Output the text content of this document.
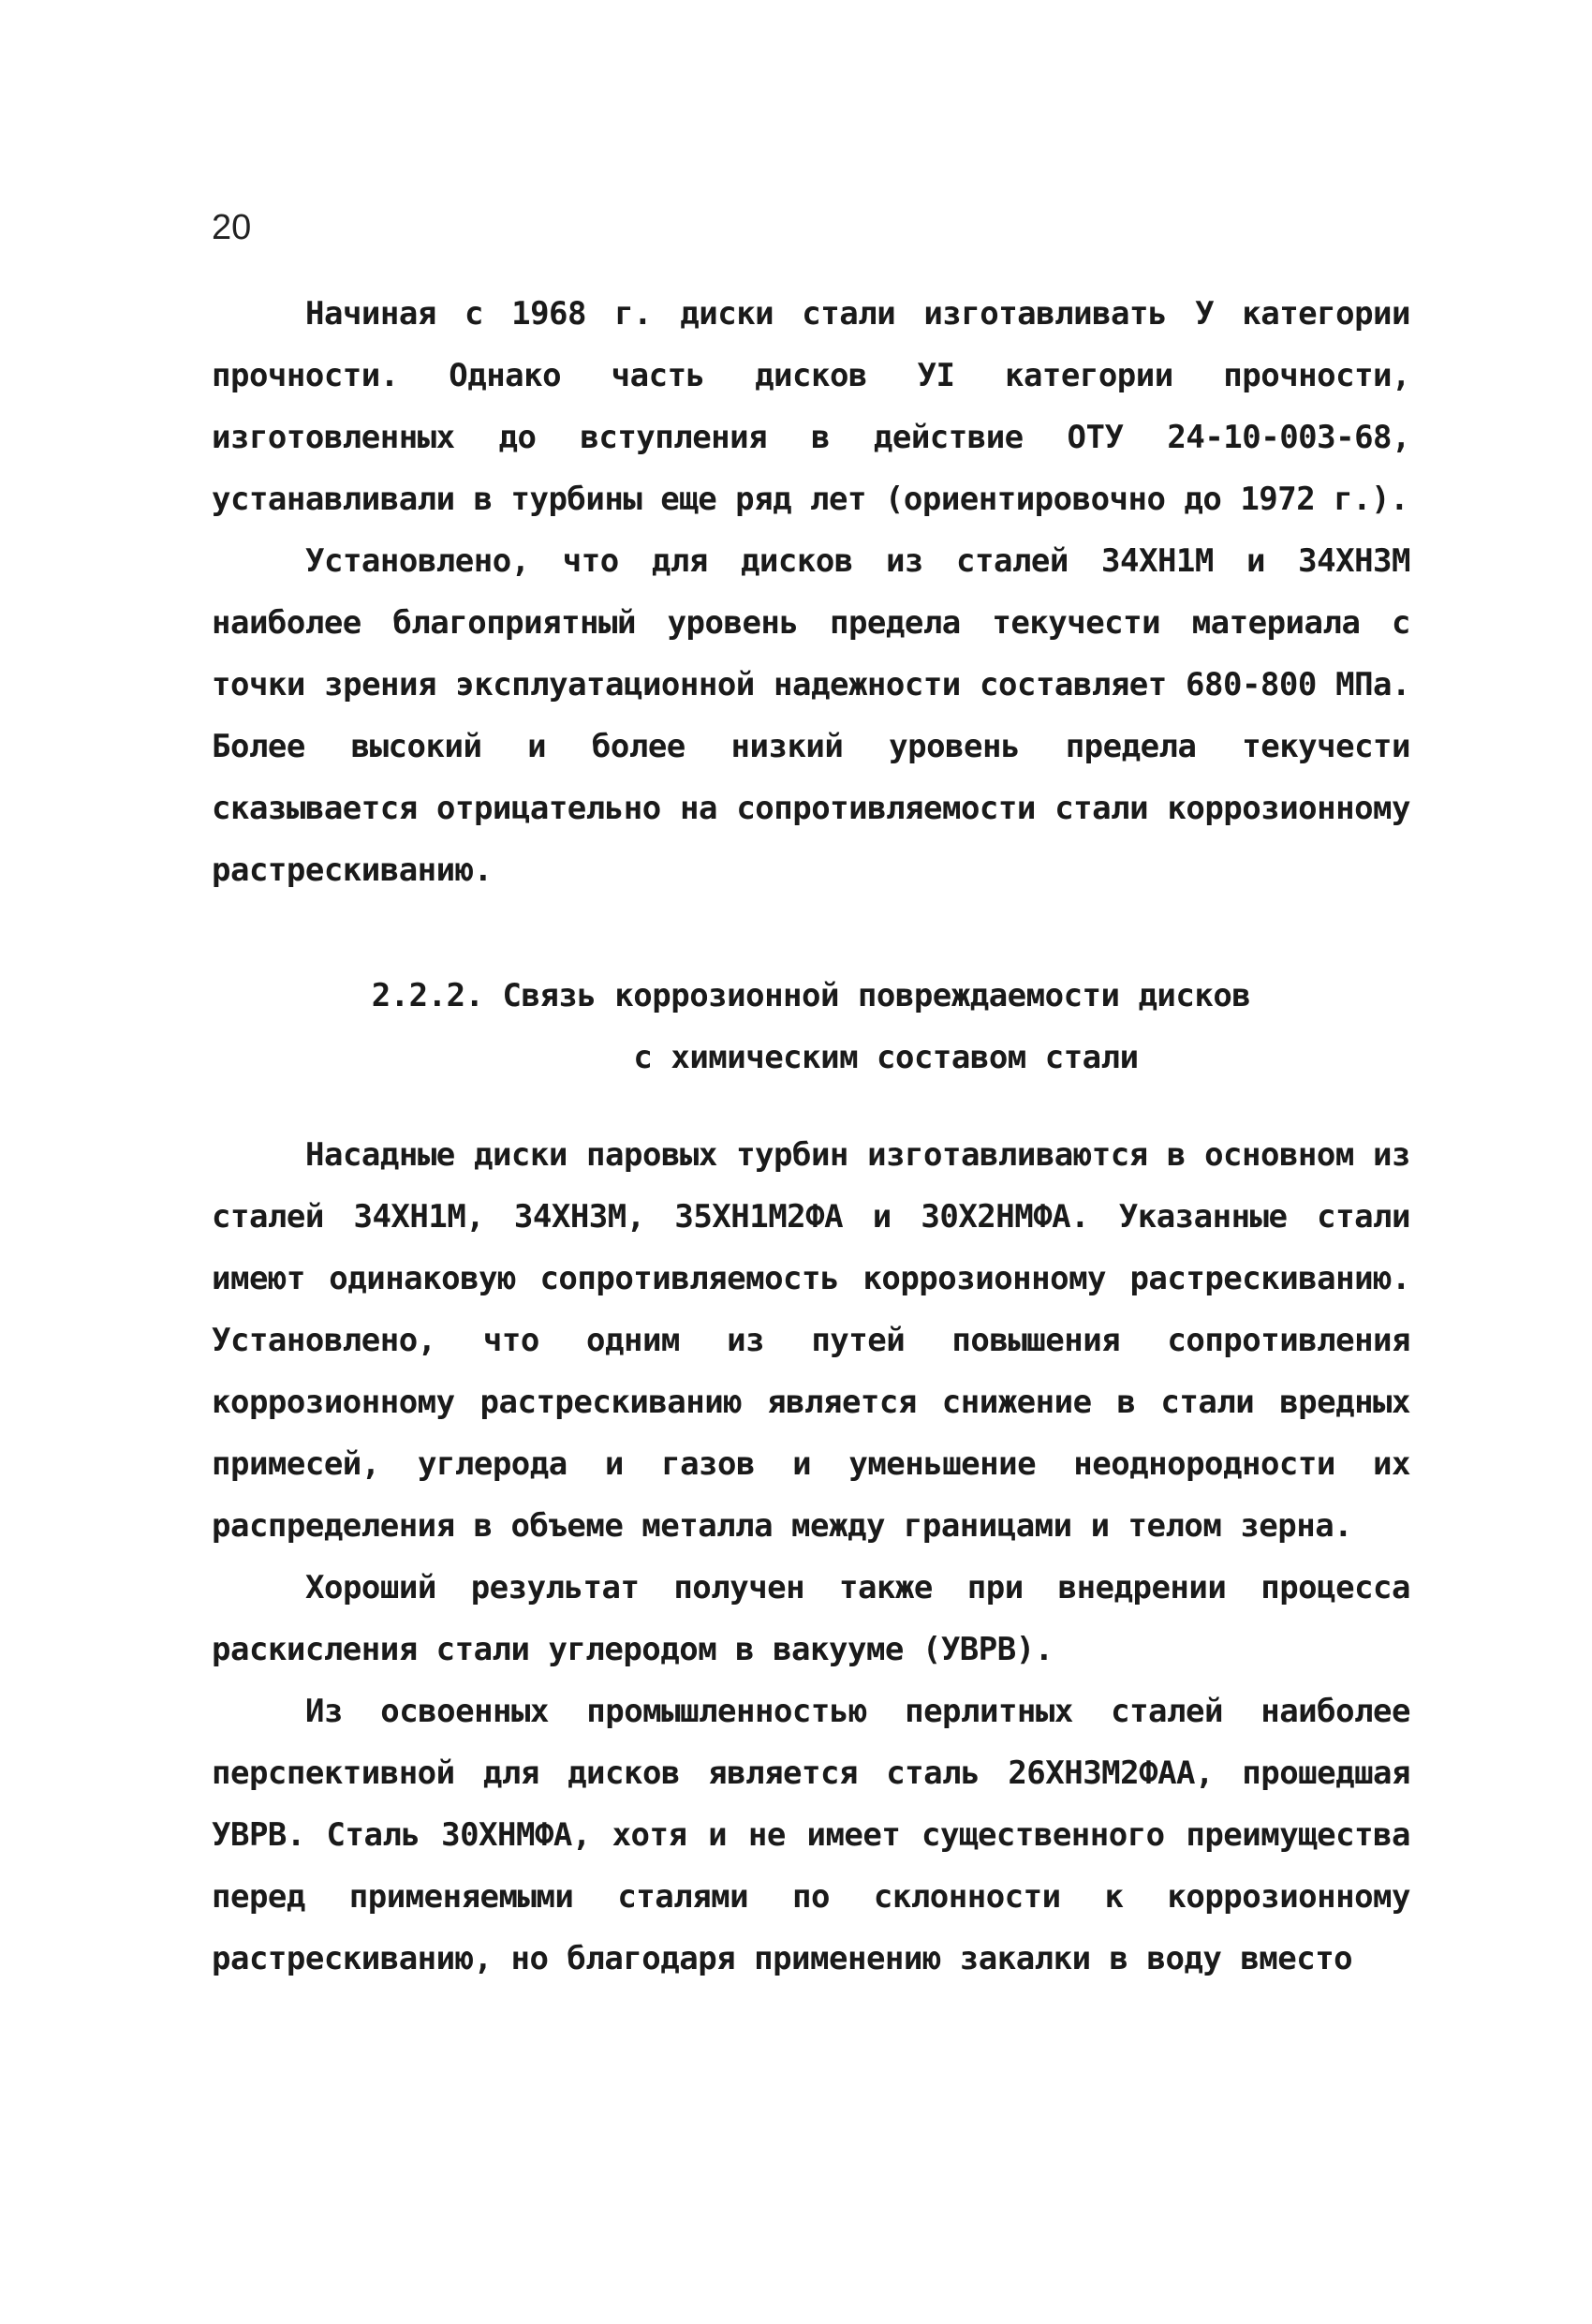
20

Начиная с 1968 г. диски стали изготавливать У категории прочности. Однако часть дисков УI категории прочности, изготовленных до вступления в действие ОТУ 24-10-003-68, устанавливали в турбины еще ряд лет (ориентировочно до 1972 г.).

Установлено, что для дисков из сталей 34ХН1М и 34ХН3М наиболее благоприятный уровень предела текучести материала с точки зрения эксплуатационной надежности составляет 680-800 МПа. Более высокий и более низкий уровень предела текучести сказывается отрицательно на сопротивляемости стали коррозионному растрескиванию.

2.2.2. Связь коррозионной повреждаемости дисков
с химическим составом стали

Насадные диски паровых турбин изготавливаются в основном из сталей 34ХН1М, 34ХН3М, 35ХН1М2ФА и 30Х2НМФА. Указанные стали имеют одинаковую сопротивляемость коррозионному растрескиванию. Установлено, что одним из путей повышения сопротивления коррозионному растрескиванию является снижение в стали вредных примесей, углерода и газов и уменьшение неоднородности их распределения в объеме металла между границами и телом зерна.

Хороший результат получен также при внедрении процесса раскисления стали углеродом в вакууме (УВРВ).

Из освоенных промышленностью перлитных сталей наиболее перспективной для дисков является сталь 26ХН3М2ФАА, прошедшая УВРВ. Сталь 30ХНМФА, хотя и не имеет существенного преимущества перед применяемыми сталями по склонности к коррозионному растрескиванию, но благодаря применению закалки в воду вместо
